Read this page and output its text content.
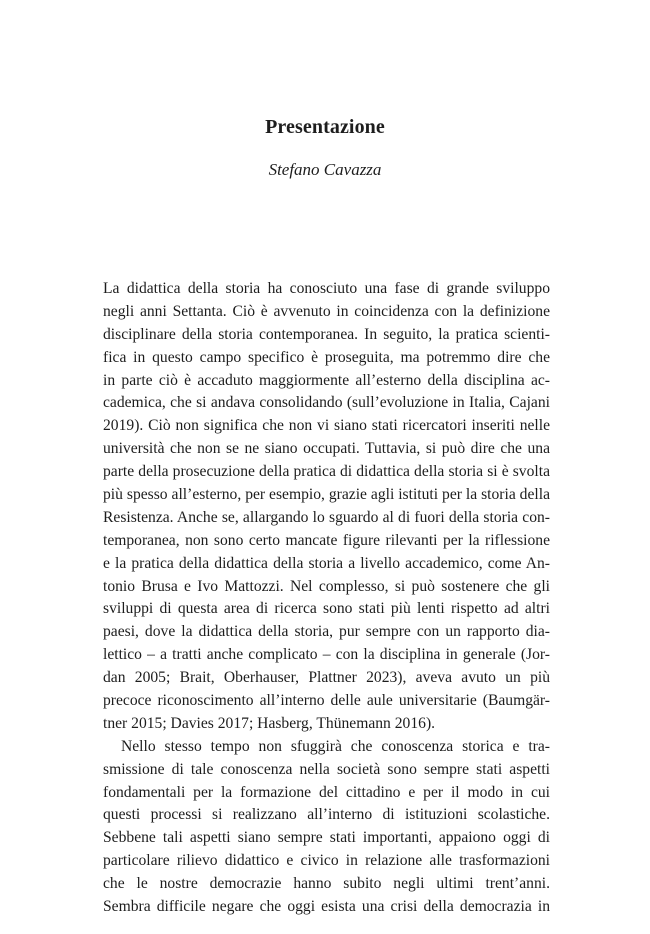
Presentazione

Stefano Cavazza

La didattica della storia ha conosciuto una fase di grande sviluppo
negli anni Settanta. Ciò è avvenuto in coincidenza con la definizione
disciplinare della storia contemporanea. In seguito, la pratica scienti-
fica in questo campo specifico è proseguita, ma potremmo dire che
in parte ciò è accaduto maggiormente all’esterno della disciplina ac-
cademica, che si andava consolidando (sull’evoluzione in Italia, Cajani
2019). Ciò non significa che non vi siano stati ricercatori inseriti nelle
università che non se ne siano occupati. Tuttavia, si può dire che una
parte della prosecuzione della pratica di didattica della storia si è svolta
più spesso all’esterno, per esempio, grazie agli istituti per la storia della
Resistenza. Anche se, allargando lo sguardo al di fuori della storia con-
temporanea, non sono certo mancate figure rilevanti per la riflessione
e la pratica della didattica della storia a livello accademico, come An-
tonio Brusa e Ivo Mattozzi. Nel complesso, si può sostenere che gli
sviluppi di questa area di ricerca sono stati più lenti rispetto ad altri
paesi, dove la didattica della storia, pur sempre con un rapporto dia-
lettico – a tratti anche complicato – con la disciplina in generale (Jor-
dan 2005; Brait, Oberhauser, Plattner 2023), aveva avuto un più
precoce riconoscimento all’interno delle aule universitarie (Baumgär-
tner 2015; Davies 2017; Hasberg, Thünemann 2016).
Nello stesso tempo non sfuggirà che conoscenza storica e tra-
smissione di tale conoscenza nella società sono sempre stati aspetti
fondamentali per la formazione del cittadino e per il modo in cui
questi processi si realizzano all’interno di istituzioni scolastiche.
Sebbene tali aspetti siano sempre stati importanti, appaiono oggi di
particolare rilievo didattico e civico in relazione alle trasformazioni
che le nostre democrazie hanno subito negli ultimi trent’anni.
Sembra difficile negare che oggi esista una crisi della democrazia in
